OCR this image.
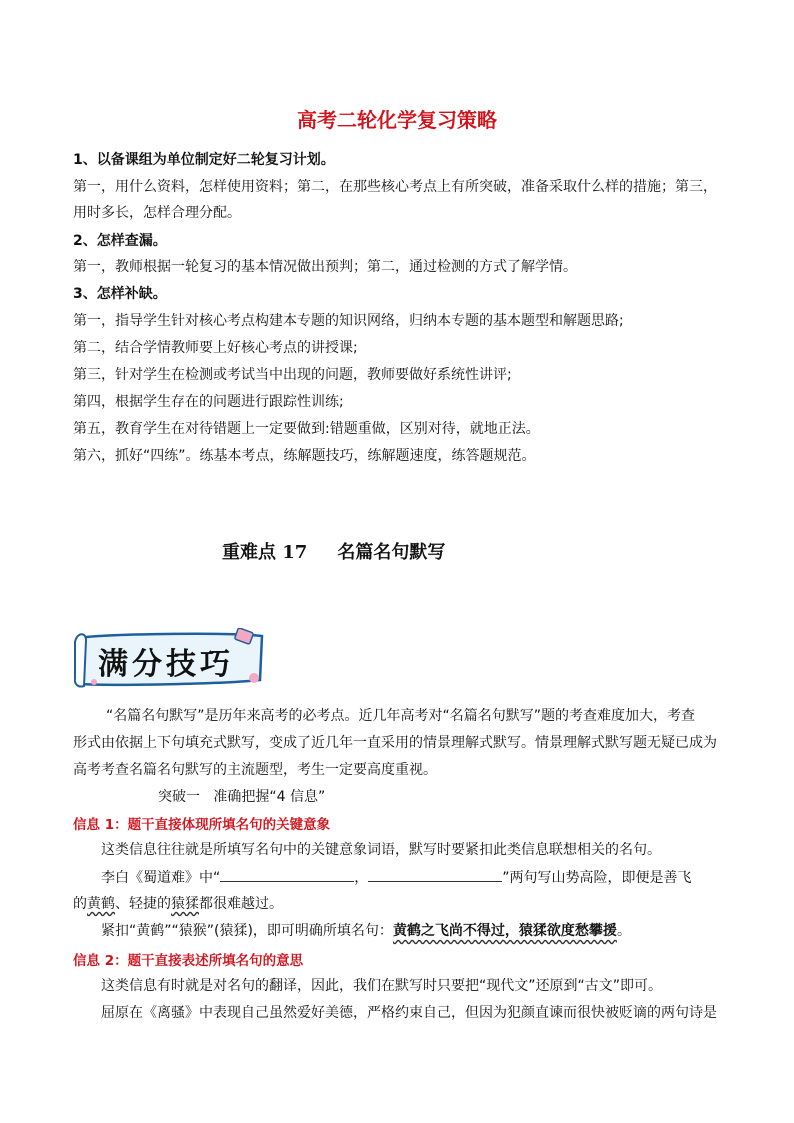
高考二轮化学复习策略
1、以备课组为单位制定好二轮复习计划。
第一，用什么资料，怎样使用资料；第二，在那些核心考点上有所突破，准备采取什么样的措施；第三，
用时多长，怎样合理分配。
2、怎样查漏。
第一，教师根据一轮复习的基本情况做出预判；第二，通过检测的方式了解学情。
3、怎样补缺。
第一，指导学生针对核心考点构建本专题的知识网络，归纳本专题的基本题型和解题思路;
第二，结合学情教师要上好核心考点的讲授课;
第三，针对学生在检测或考试当中出现的问题，教师要做好系统性讲评;
第四，根据学生存在的问题进行跟踪性训练;
第五，教育学生在对待错题上一定要做到:错题重做，区别对待，就地正法。
第六，抓好“四练”。练基本考点，练解题技巧，练解题速度，练答题规范。
重难点 17 名篇名句默写
满分技巧
“名篇名句默写”是历年来高考的必考点。近几年高考对“名篇名句默写”题的考查难度加大，考查
形式由依据上下句填充式默写，变成了近几年一直采用的情景理解式默写。情景理解式默写题无疑已成为
高考考查名篇名句默写的主流题型，考生一定要高度重视。
突破一   准确把握“4 信息”
信息 1：题干直接体现所填名句的关键意象
这类信息往往就是所填写名句中的关键意象词语，默写时要紧扣此类信息联想相关的名句。
李白《蜀道难》中“	，	”两句写山势高险，即便是善飞
的黄鹤、轻捷的猿猱都很难越过。
紧扣“黄鹤”“猿猴”(猿猱)，即可明确所填名句：黄鹤之飞尚不得过，猿猱欲度愁攀援。
信息 2：题干直接表述所填名句的意思
这类信息有时就是对名句的翻译，因此，我们在默写时只要把“现代文”还原到“古文”即可。
屈原在《离骚》中表现自己虽然爱好美德，严格约束自己，但因为犯颜直谏而很快被贬谪的两句诗是
